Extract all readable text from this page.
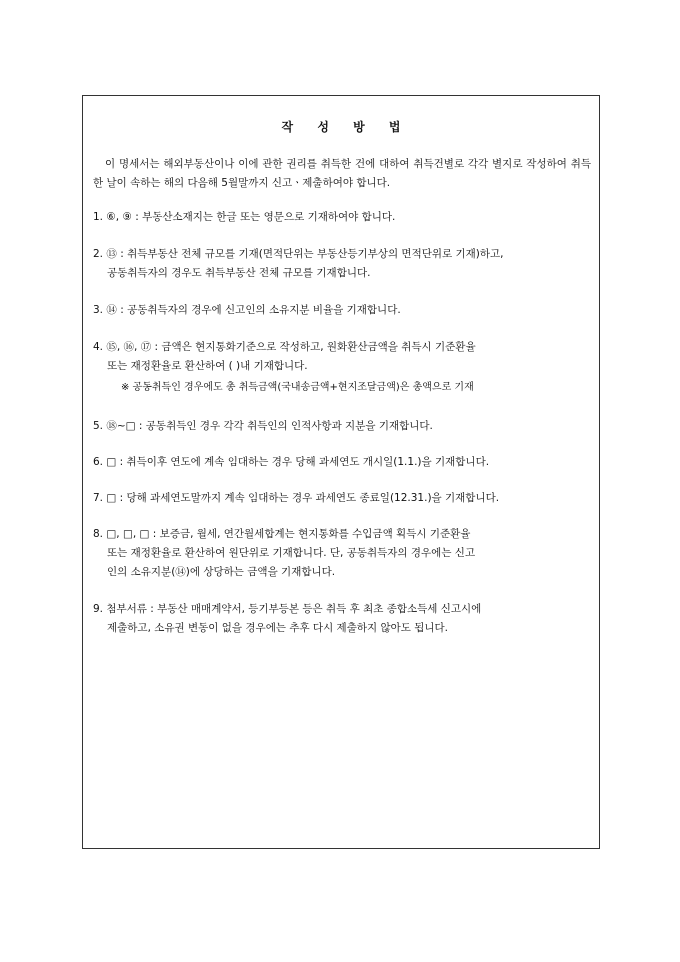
작 성 방 법
이 명세서는 해외부동산이나 이에 관한 권리를 취득한 건에 대하여 취득건별로 각각 별지로 작성하여 취득한 날이 속하는 해의 다음해 5월말까지 신고ㆍ제출하여야 합니다.
1. ⑥, ⑨ : 부동산소재지는 한글 또는 영문으로 기재하여야 합니다.
2. ⑬ : 취득부동산 전체 규모를 기재(면적단위는 부동산등기부상의 면적단위로 기재)하고,
공동취득자의 경우도 취득부동산 전체 규모를 기재합니다.
3. ⑭ : 공동취득자의 경우에 신고인의 소유지분 비율을 기재합니다.
4. ⑮, ⑯, ⑰ : 금액은 현지통화기준으로 작성하고, 원화환산금액을 취득시 기준환율
또는 재정환율로 환산하여 ( )내 기재합니다.
※ 공동취득인 경우에도 총 취득금액(국내송금액+현지조달금액)은 총액으로 기재
5. ⑱~□ : 공동취득인 경우 각각 취득인의 인적사항과 지분을 기재합니다.
6. □ : 취득이후 연도에 계속 임대하는 경우 당해 과세연도 개시일(1.1.)을 기재합니다.
7. □ : 당해 과세연도말까지 계속 임대하는 경우 과세연도 종료일(12.31.)을 기재합니다.
8. □, □, □ : 보증금, 월세, 연간월세합계는 현지통화를 수입금액 획득시 기준환율
또는 재정환율로 환산하여 원단위로 기재합니다. 단, 공동취득자의 경우에는 신고
인의 소유지분(⑭)에 상당하는 금액을 기재합니다.
9. 첨부서류 : 부동산 매매계약서, 등기부등본 등은 취득 후 최초 종합소득세 신고시에
제출하고, 소유권 변동이 없을 경우에는 추후 다시 제출하지 않아도 됩니다.
